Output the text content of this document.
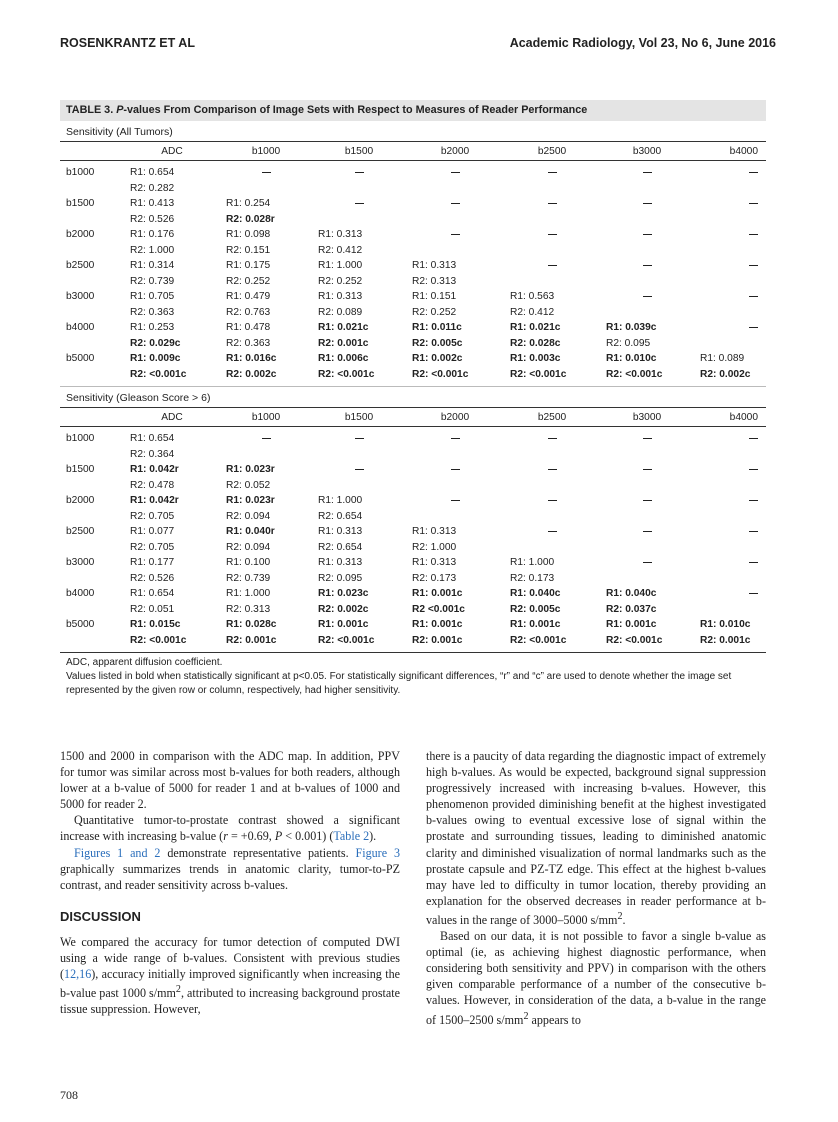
ROSENKRANTZ ET AL	Academic Radiology, Vol 23, No 6, June 2016
TABLE 3. P-values From Comparison of Image Sets with Respect to Measures of Reader Performance
Sensitivity (All Tumors)
	ADC	b1000	b1500	b2000	b2500	b3000	b4000

b1000	R1: 0.654						
	R2: 0.282						
b1500	R1: 0.413	R1: 0.254					
	R2: 0.526	R2: 0.028r					
b2000	R1: 0.176	R1: 0.098	R1: 0.313				
	R2: 1.000	R2: 0.151	R2: 0.412				
b2500	R1: 0.314	R1: 0.175	R1: 1.000	R1: 0.313			
	R2: 0.739	R2: 0.252	R2: 0.252	R2: 0.313			
b3000	R1: 0.705	R1: 0.479	R1: 0.313	R1: 0.151	R1: 0.563		
	R2: 0.363	R2: 0.763	R2: 0.089	R2: 0.252	R2: 0.412		
b4000	R1: 0.253	R1: 0.478	R1: 0.021c	R1: 0.011c	R1: 0.021c	R1: 0.039c	
	R2: 0.029c	R2: 0.363	R2: 0.001c	R2: 0.005c	R2: 0.028c	R2: 0.095	
b5000	R1: 0.009c	R1: 0.016c	R1: 0.006c	R1: 0.002c	R1: 0.003c	R1: 0.010c	R1: 0.089
	R2: <0.001c	R2: 0.002c	R2: <0.001c	R2: <0.001c	R2: <0.001c	R2: <0.001c	R2: 0.002c

Sensitivity (Gleason Score > 6)
	ADC	b1000	b1500	b2000	b2500	b3000	b4000

b1000	R1: 0.654						
	R2: 0.364						
b1500	R1: 0.042r	R1: 0.023r					
	R2: 0.478	R2: 0.052					
b2000	R1: 0.042r	R1: 0.023r	R1: 1.000				
	R2: 0.705	R2: 0.094	R2: 0.654				
b2500	R1: 0.077	R1: 0.040r	R1: 0.313	R1: 0.313			
	R2: 0.705	R2: 0.094	R2: 0.654	R2: 1.000			
b3000	R1: 0.177	R1: 0.100	R1: 0.313	R1: 0.313	R1: 1.000		
	R2: 0.526	R2: 0.739	R2: 0.095	R2: 0.173	R2: 0.173		
b4000	R1: 0.654	R1: 1.000	R1: 0.023c	R1: 0.001c	R1: 0.040c	R1: 0.040c	
	R2: 0.051	R2: 0.313	R2: 0.002c	R2 <0.001c	R2: 0.005c	R2: 0.037c	
b5000	R1: 0.015c	R1: 0.028c	R1: 0.001c	R1: 0.001c	R1: 0.001c	R1: 0.001c	R1: 0.010c
	R2: <0.001c	R2: 0.001c	R2: <0.001c	R2: 0.001c	R2: <0.001c	R2: <0.001c	R2: 0.001c

ADC, apparent diffusion coefficient.
Values listed in bold when statistically significant at p<0.05. For statistically significant differences, “r” and “c” are used to denote whether the image set represented by the given row or column, respectively, had higher sensitivity.

1500 and 2000 in comparison with the ADC map. In addition, PPV for tumor was similar across most b-values for both readers, although lower at a b-value of 5000 for reader 1 and at b-values of 1000 and 5000 for reader 2.

Quantitative tumor-to-prostate contrast showed a significant increase with increasing b-value (r = +0.69, P < 0.001) (Table 2).

Figures 1 and 2 demonstrate representative patients. Figure 3 graphically summarizes trends in anatomic clarity, tumor-to-PZ contrast, and reader sensitivity across b-values.

DISCUSSION

We compared the accuracy for tumor detection of computed DWI using a wide range of b-values. Consistent with previous studies (12,16), accuracy initially improved significantly when increasing the b-value past 1000 $s/mm^2$, attributed to increasing background prostate tissue suppression. However,

there is a paucity of data regarding the diagnostic impact of extremely high b-values. As would be expected, background signal suppression progressively increased with increasing b-values. However, this phenomenon provided diminishing benefit at the highest investigated b-values owing to eventual excessive lose of signal within the prostate and surrounding tissues, leading to diminished anatomic clarity and diminished visualization of normal landmarks such as the prostate capsule and PZ-TZ edge. This effect at the highest b-values may have led to difficulty in tumor location, thereby providing an explanation for the observed decreases in reader performance at b-values in the range of 3000–5000 $s/mm^2$.

Based on our data, it is not possible to favor a single b-value as optimal (ie, as achieving highest diagnostic performance, when considering both sensitivity and PPV) in comparison with the others given comparable performance of a number of the consecutive b-values. However, in consideration of the data, a b-value in the range of 1500–2500 $s/mm^2$ appears to

708
